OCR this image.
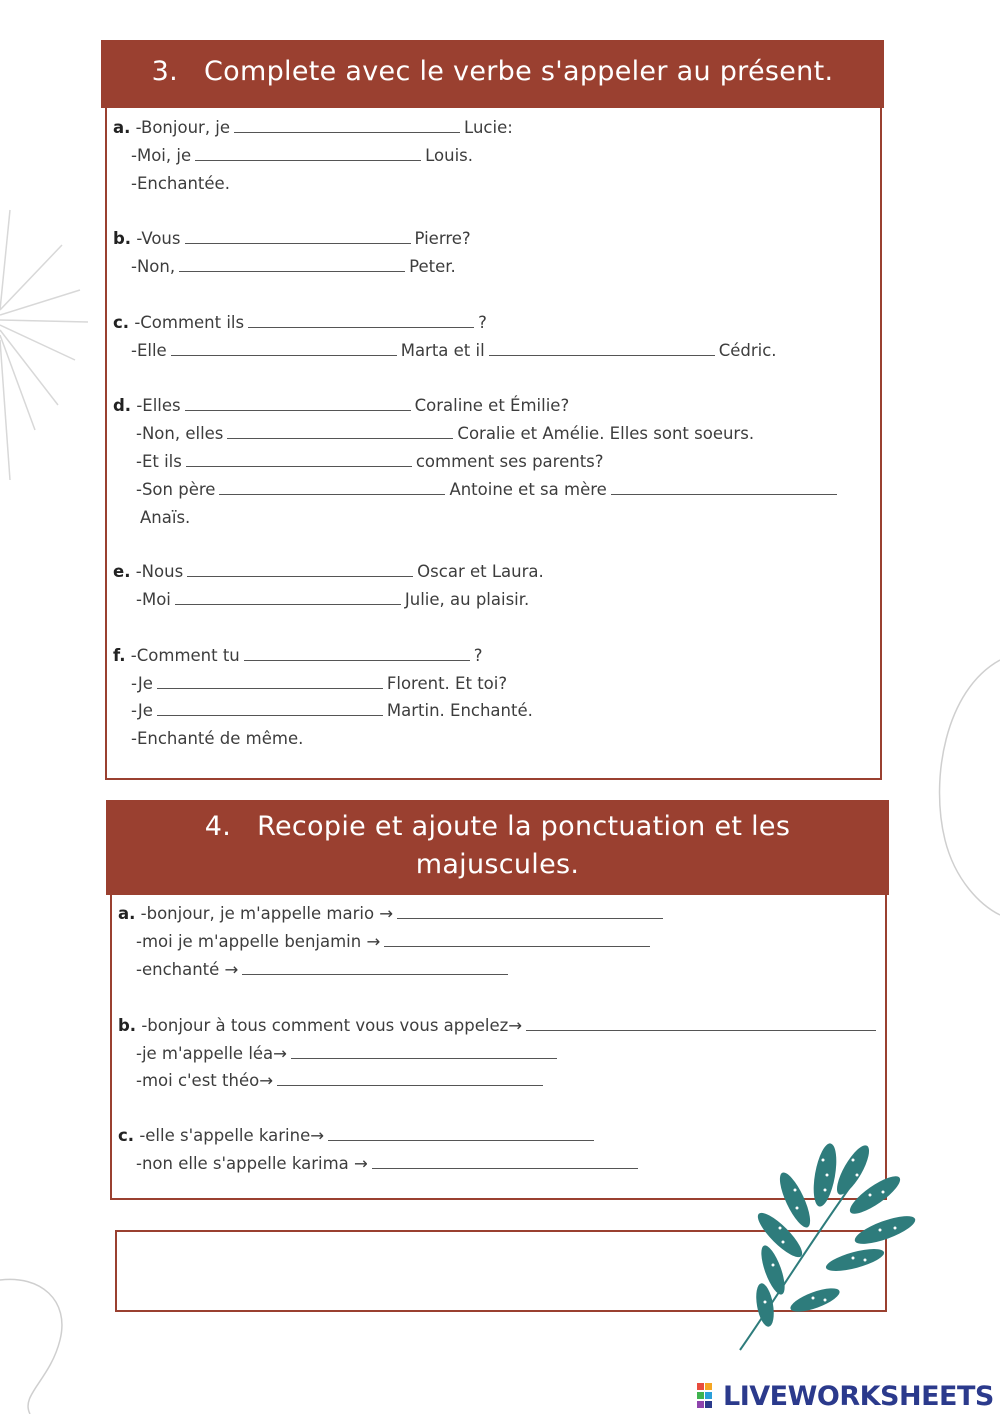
3. Complete avec le verbe s'appeler au présent.
a. -Bonjour, je	Lucie:
-Moi, je	Louis.
-Enchantée.
b. -Vous	Pierre?
-Non,	Peter.
c. -Comment ils	?
-Elle	Marta et il	Cédric.
d. -Elles	Coraline et Émilie?
-Non, elles	Coralie et Amélie. Elles sont soeurs.
-Et ils	comment ses parents?
-Son père	Antoine et sa mère
Anaïs.
e. -Nous	Oscar et Laura.
-Moi	Julie, au plaisir.
f. -Comment tu	?
-Je	Florent. Et toi?
-Je	Martin. Enchanté.
-Enchanté de même.
4. Recopie et ajoute la ponctuation et les
majuscules.
a. -bonjour, je m'appelle mario →
-moi je m'appelle benjamin →
-enchanté →
b. -bonjour à tous comment vous vous appelez→
-je m'appelle léa→
-moi c'est théo→
c. -elle s'appelle karine→
-non elle s'appelle karima →
LIVEWORKSHEETS
